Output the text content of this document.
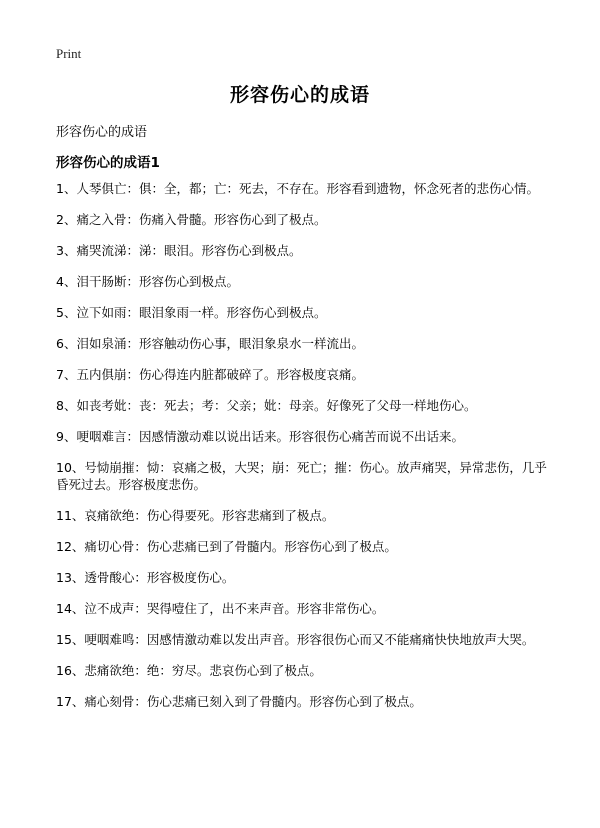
Print
形容伤心的成语
形容伤心的成语
形容伤心的成语1
1、人琴俱亡：俱：全，都；亡：死去，不存在。形容看到遗物，怀念死者的悲伤心情。
2、痛之入骨：伤痛入骨髓。形容伤心到了极点。
3、痛哭流涕：涕：眼泪。形容伤心到极点。
4、泪干肠断：形容伤心到极点。
5、泣下如雨：眼泪象雨一样。形容伤心到极点。
6、泪如泉涌：形容触动伤心事，眼泪象泉水一样流出。
7、五内俱崩：伤心得连内脏都破碎了。形容极度哀痛。
8、如丧考妣：丧：死去；考：父亲；妣：母亲。好像死了父母一样地伤心。
9、哽咽难言：因感情激动难以说出话来。形容很伤心痛苦而说不出话来。
10、号恸崩摧：恸：哀痛之极，大哭；崩：死亡；摧：伤心。放声痛哭，异常悲伤，几乎昏死过去。形容极度悲伤。
11、哀痛欲绝：伤心得要死。形容悲痛到了极点。
12、痛切心骨：伤心悲痛已到了骨髓内。形容伤心到了极点。
13、透骨酸心：形容极度伤心。
14、泣不成声：哭得噎住了，出不来声音。形容非常伤心。
15、哽咽难鸣：因感情激动难以发出声音。形容很伤心而又不能痛痛快快地放声大哭。
16、悲痛欲绝：绝：穷尽。悲哀伤心到了极点。
17、痛心刻骨：伤心悲痛已刻入到了骨髓内。形容伤心到了极点。
